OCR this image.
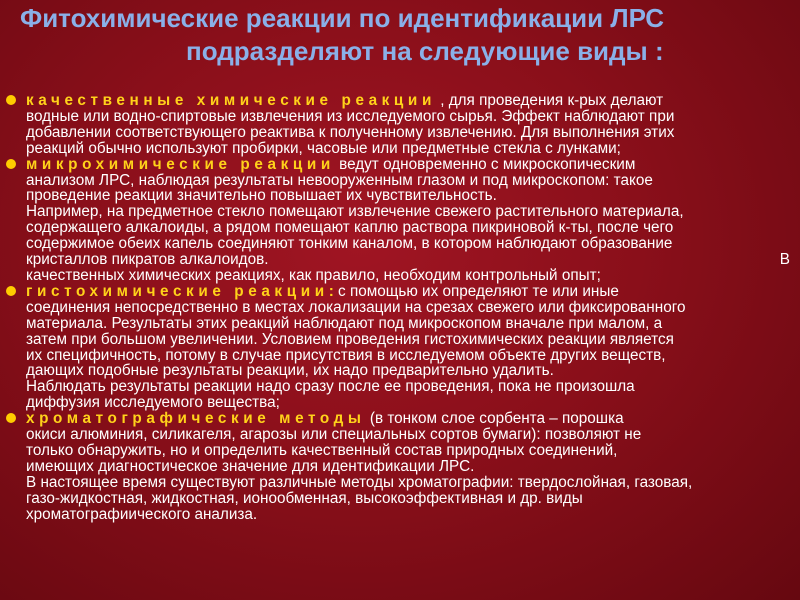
Фитохимические реакции по идентификации ЛРС
подразделяют на следующие виды :

качественные химические реакции , для проведения к-рых делают
водные или водно-спиртовые извлечения из исследуемого сырья. Эффект наблюдают при
добавлении соответствующего реактива к полученному извлечению. Для выполнения этих
реакций обычно используют пробирки, часовые или предметные стекла с лунками;

микрохимические реакции ведут одновременно с микроскопическим
анализом ЛРС, наблюдая результаты невооруженным глазом и под микроскопом: такое
проведение реакции значительно повышает их чувствительность.
Например, на предметное стекло помещают извлечение свежего растительного материала,
содержащего алкалоиды, а рядом помещают каплю раствора пикриновой к-ты, после чего
содержимое обеих капель соединяют тонким каналом, в котором наблюдают образование
кристаллов пикратов алкалоидов.	В

качественных химических реакциях, как правило, необходим контрольный опыт;

гистохимические реакции: с помощью их определяют те или иные
соединения непосредственно в местах локализации на срезах свежего или фиксированного
материала. Результаты этих реакций наблюдают под микроскопом вначале при малом, а
затем при большом увеличении. Условием проведения гистохимических реакции является
их специфичность, потому в случае присутствия в исследуемом объекте других веществ,
дающих подобные результаты реакции, их надо предварительно удалить.
Наблюдать результаты реакции надо сразу после ее проведения, пока не произошла
диффузия исследуемого вещества;

хроматографические методы (в тонком слое сорбента – порошка
окиси алюминия, силикагеля, агарозы или специальных сортов бумаги): позволяют не
только обнаружить, но и определить качественный состав природных соединений,
имеющих диагностическое значение для идентификации ЛРС.
В настоящее время существуют различные методы хроматографии: твердослойная, газовая,
газо-жидкостная, жидкостная, ионообменная, высокоэффективная и др. виды
хроматографиического анализа.
